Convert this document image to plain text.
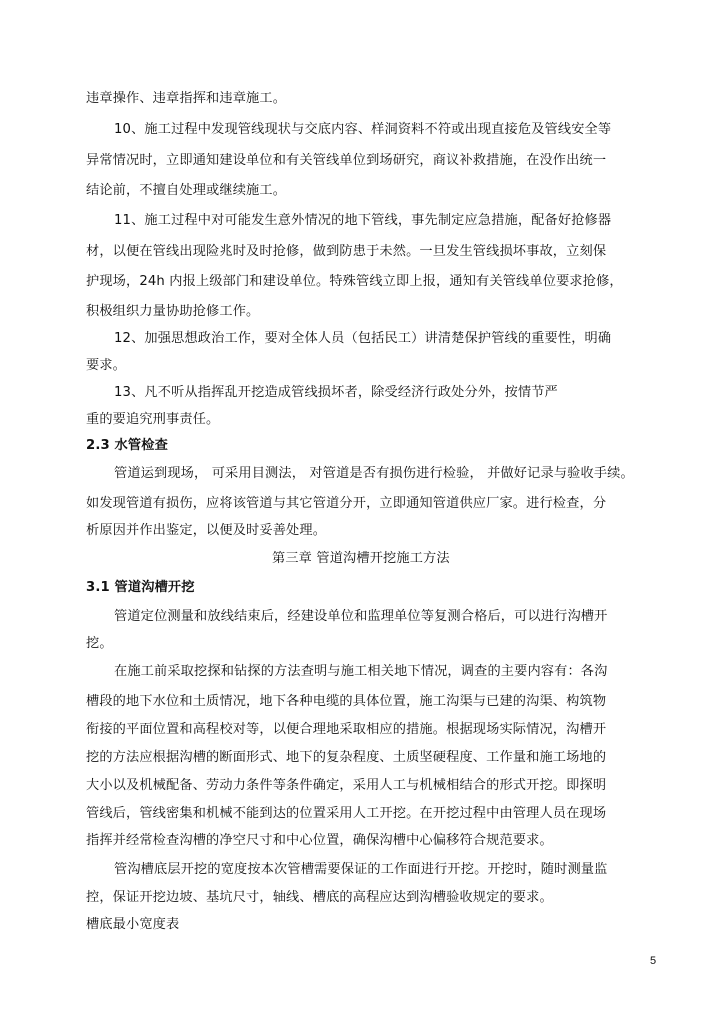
违章操作、违章指挥和违章施工。
10、施工过程中发现管线现状与交底内容、样洞资料不符或出现直接危及管线安全等
异常情况时，立即通知建设单位和有关管线单位到场研究，商议补救措施，在没作出统一
结论前，不擅自处理或继续施工。
11、施工过程中对可能发生意外情况的地下管线，事先制定应急措施，配备好抢修器
材，以便在管线出现险兆时及时抢修，做到防患于未然。一旦发生管线损坏事故，立刻保
护现场，24h 内报上级部门和建设单位。特殊管线立即上报，通知有关管线单位要求抢修，
积极组织力量协助抢修工作。
12、加强思想政治工作，要对全体人员（包括民工）讲清楚保护管线的重要性，明确
要求。
13、凡不听从指挥乱开挖造成管线损坏者，除受经济行政处分外，按情节严
重的要追究刑事责任。
2.3 水管检查
管道运到现场， 可采用目测法， 对管道是否有损伤进行检验， 并做好记录与验收手续。
如发现管道有损伤，应将该管道与其它管道分开，立即通知管道供应厂家。进行检查，分
析原因并作出鉴定，以便及时妥善处理。
第三章 管道沟槽开挖施工方法
3.1 管道沟槽开挖
管道定位测量和放线结束后，经建设单位和监理单位等复测合格后，可以进行沟槽开
挖。
在施工前采取挖探和钻探的方法查明与施工相关地下情况，调查的主要内容有：各沟
槽段的地下水位和土质情况，地下各种电缆的具体位置，施工沟渠与已建的沟渠、构筑物
衔接的平面位置和高程校对等，以便合理地采取相应的措施。根据现场实际情况，沟槽开
挖的方法应根据沟槽的断面形式、地下的复杂程度、土质坚硬程度、工作量和施工场地的
大小以及机械配备、劳动力条件等条件确定，采用人工与机械相结合的形式开挖。即探明
管线后，管线密集和机械不能到达的位置采用人工开挖。在开挖过程中由管理人员在现场
指挥并经常检查沟槽的净空尺寸和中心位置，确保沟槽中心偏移符合规范要求。
管沟槽底层开挖的宽度按本次管槽需要保证的工作面进行开挖。开挖时，随时测量监
控，保证开挖边坡、基坑尺寸，轴线、槽底的高程应达到沟槽验收规定的要求。
槽底最小宽度表
5
